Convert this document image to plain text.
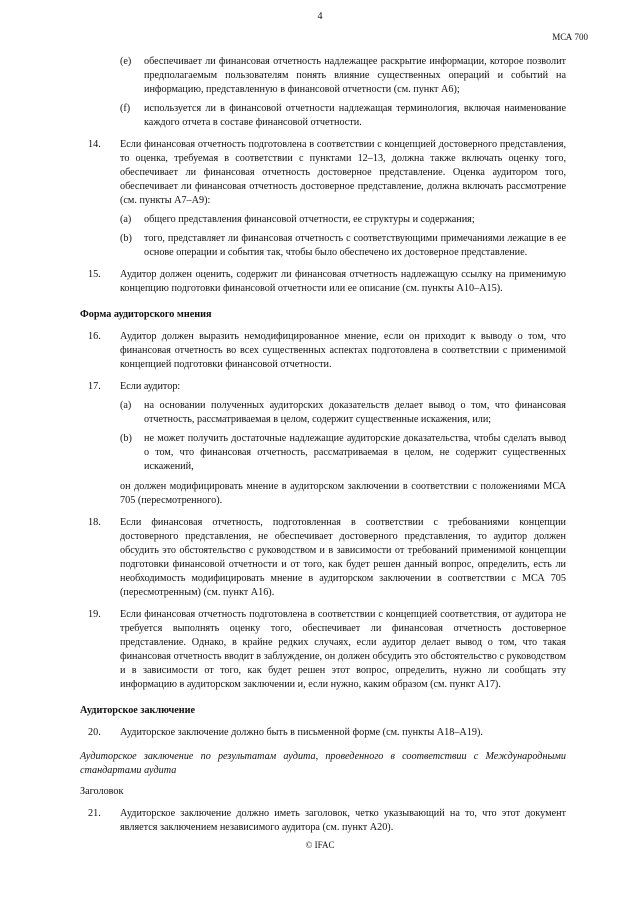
4
МСА 700
(e)	обеспечивает ли финансовая отчетность надлежащее раскрытие информации, которое позволит предполагаемым пользователям понять влияние существенных операций и событий на информацию, представленную в финансовой отчетности (см. пункт А6);
(f)	используется ли в финансовой отчетности надлежащая терминология, включая наименование каждого отчета в составе финансовой отчетности.
14.	Если финансовая отчетность подготовлена в соответствии с концепцией достоверного представления, то оценка, требуемая в соответствии с пунктами 12–13, должна также включать оценку того, обеспечивает ли финансовая отчетность достоверное представление. Оценка аудитором того, обеспечивает ли финансовая отчетность достоверное представление, должна включать рассмотрение (см. пункты А7–А9):
(a)	общего представления финансовой отчетности, ее структуры и содержания;
(b)	того, представляет ли финансовая отчетность с соответствующими примечаниями лежащие в ее основе операции и события так, чтобы было обеспечено их достоверное представление.
15.	Аудитор должен оценить, содержит ли финансовая отчетность надлежащую ссылку на применимую концепцию подготовки финансовой отчетности или ее описание (см. пункты А10–А15).

Форма аудиторского мнения

16.	Аудитор должен выразить немодифицированное мнение, если он приходит к выводу о том, что финансовая отчетность во всех существенных аспектах подготовлена в соответствии с применимой концепцией подготовки финансовой отчетности.
17.	Если аудитор:
(a)	на основании полученных аудиторских доказательств делает вывод о том, что финансовая отчетность, рассматриваемая в целом, содержит существенные искажения, или;
(b)	не может получить достаточные надлежащие аудиторские доказательства, чтобы сделать вывод о том, что финансовая отчетность, рассматриваемая в целом, не содержит существенных искажений,

он должен модифицировать мнение в аудиторском заключении в соответствии с положениями МСА 705 (пересмотренного).

18.	Если финансовая отчетность, подготовленная в соответствии с требованиями концепции достоверного представления, не обеспечивает достоверного представления, то аудитор должен обсудить это обстоятельство с руководством и в зависимости от требований применимой концепции подготовки финансовой отчетности и от того, как будет решен данный вопрос, определить, есть ли необходимость модифицировать мнение в аудиторском заключении в соответствии с МСА 705 (пересмотренным) (см. пункт А16).
19.	Если финансовая отчетность подготовлена в соответствии с концепцией соответствия, от аудитора не требуется выполнять оценку того, обеспечивает ли финансовая отчетность достоверное представление. Однако, в крайне редких случаях, если аудитор делает вывод о том, что такая финансовая отчетность вводит в заблуждение, он должен обсудить это обстоятельство с руководством и в зависимости от того, как будет решен этот вопрос, определить, нужно ли сообщать эту информацию в аудиторском заключении и, если нужно, каким образом (см. пункт А17).

Аудиторское заключение

20.	Аудиторское заключение должно быть в письменной форме (см. пункты А18–А19).

Аудиторское заключение по результатам аудита, проведенного в соответствии с Международными стандартами аудита

Заголовок

21.	Аудиторское заключение должно иметь заголовок, четко указывающий на то, что этот документ является заключением независимого аудитора (см. пункт А20).
© IFAC
